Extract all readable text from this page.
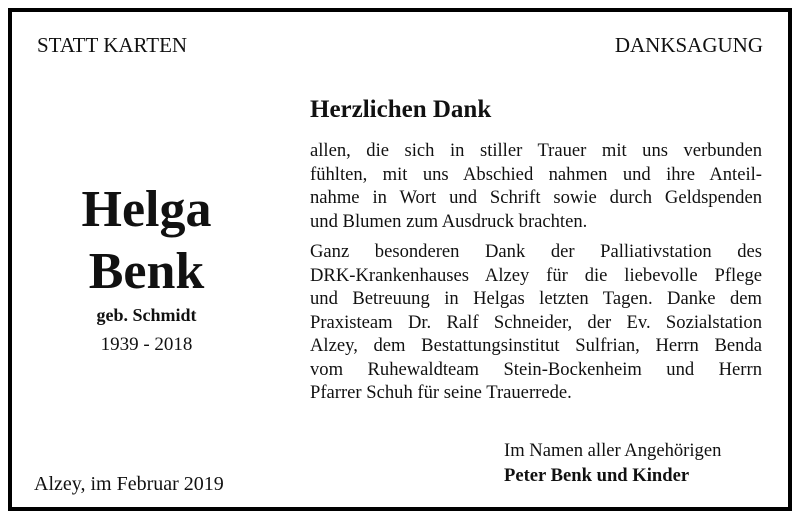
STATT KARTEN	DANKSAGUNG
Helga
Benk
geb. Schmidt
1939 - 2018
Alzey, im Februar 2019
Herzlichen Dank
allen, die sich in stiller Trauer mit uns verbunden
fühlten, mit uns Abschied nahmen und ihre Anteil-
nahme in Wort und Schrift sowie durch Geldspenden
und Blumen zum Ausdruck brachten.
Ganz besonderen Dank der Palliativstation des
DRK-Krankenhauses Alzey für die liebevolle Pflege
und Betreuung in Helgas letzten Tagen. Danke dem
Praxisteam Dr. Ralf Schneider, der Ev. Sozialstation
Alzey, dem Bestattungsinstitut Sulfrian, Herrn Benda
vom Ruhewaldteam Stein-Bockenheim und Herrn
Pfarrer Schuh für seine Trauerrede.
Im Namen aller Angehörigen
Peter Benk und Kinder
